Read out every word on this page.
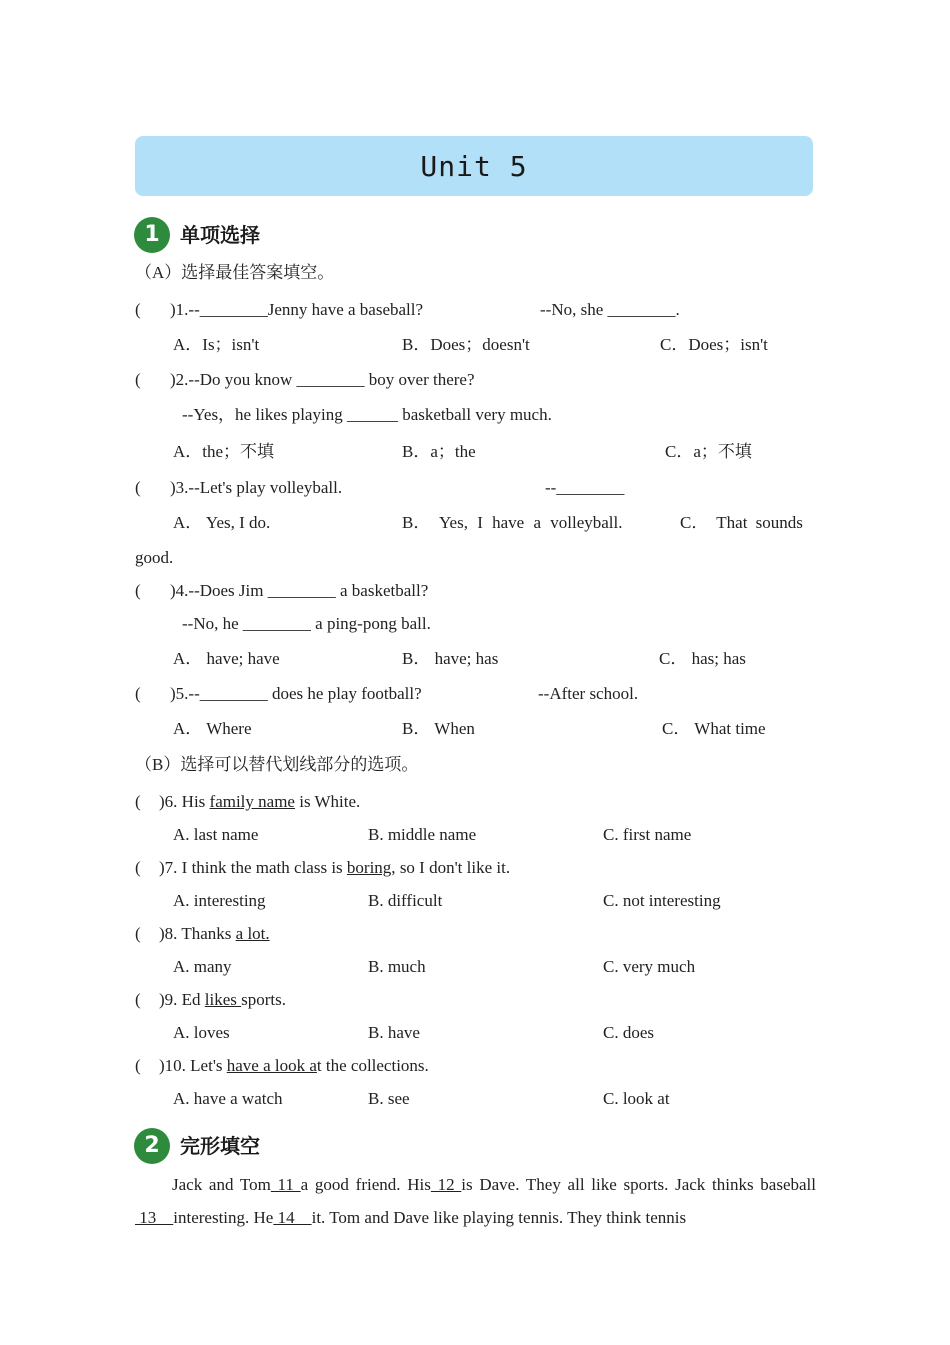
Unit 5
1	单项选择
（A）选择最佳答案填空。
( )1.--________Jenny have a baseball?	--No, she ________.
A．Is；isn't	B．Does；doesn't	C．Does；isn't
( )2.--Do you know ________ boy over there?
--Yes，he likes playing ______ basketball very much.
A．the；不填	B．a；the	C．a；不填
( )3.--Let's play volleyball.	--________
A． Yes, I do.	B． Yes, I have a volleyball.	C． That sounds
good.
( )4.--Does Jim ________ a basketball?
--No, he ________ a ping-pong ball.
A． have; have	B． have; has	C． has; has
( )5.--________ does he play football?	--After school.
A． Where	B． When	C． What time
（B）选择可以替代划线部分的选项。
( )6. His family name is White.
A. last name	B. middle name	C. first name
( )7. I think the math class is boring, so I don't like it.
A. interesting	B. difficult	C. not interesting
( )8. Thanks a lot.
A. many	B. much	C. very much
( )9. Ed likes sports.
A. loves	B. have	C. does
( )10. Let's have a look at the collections.
A. have a watch	B. see	C. look at
2	完形填空
Jack and Tom 11 a good friend. His 12 is Dave. They all like sports. Jack thinks baseball 13    interesting. He 14    it. Tom and Dave like playing tennis. They think tennis
